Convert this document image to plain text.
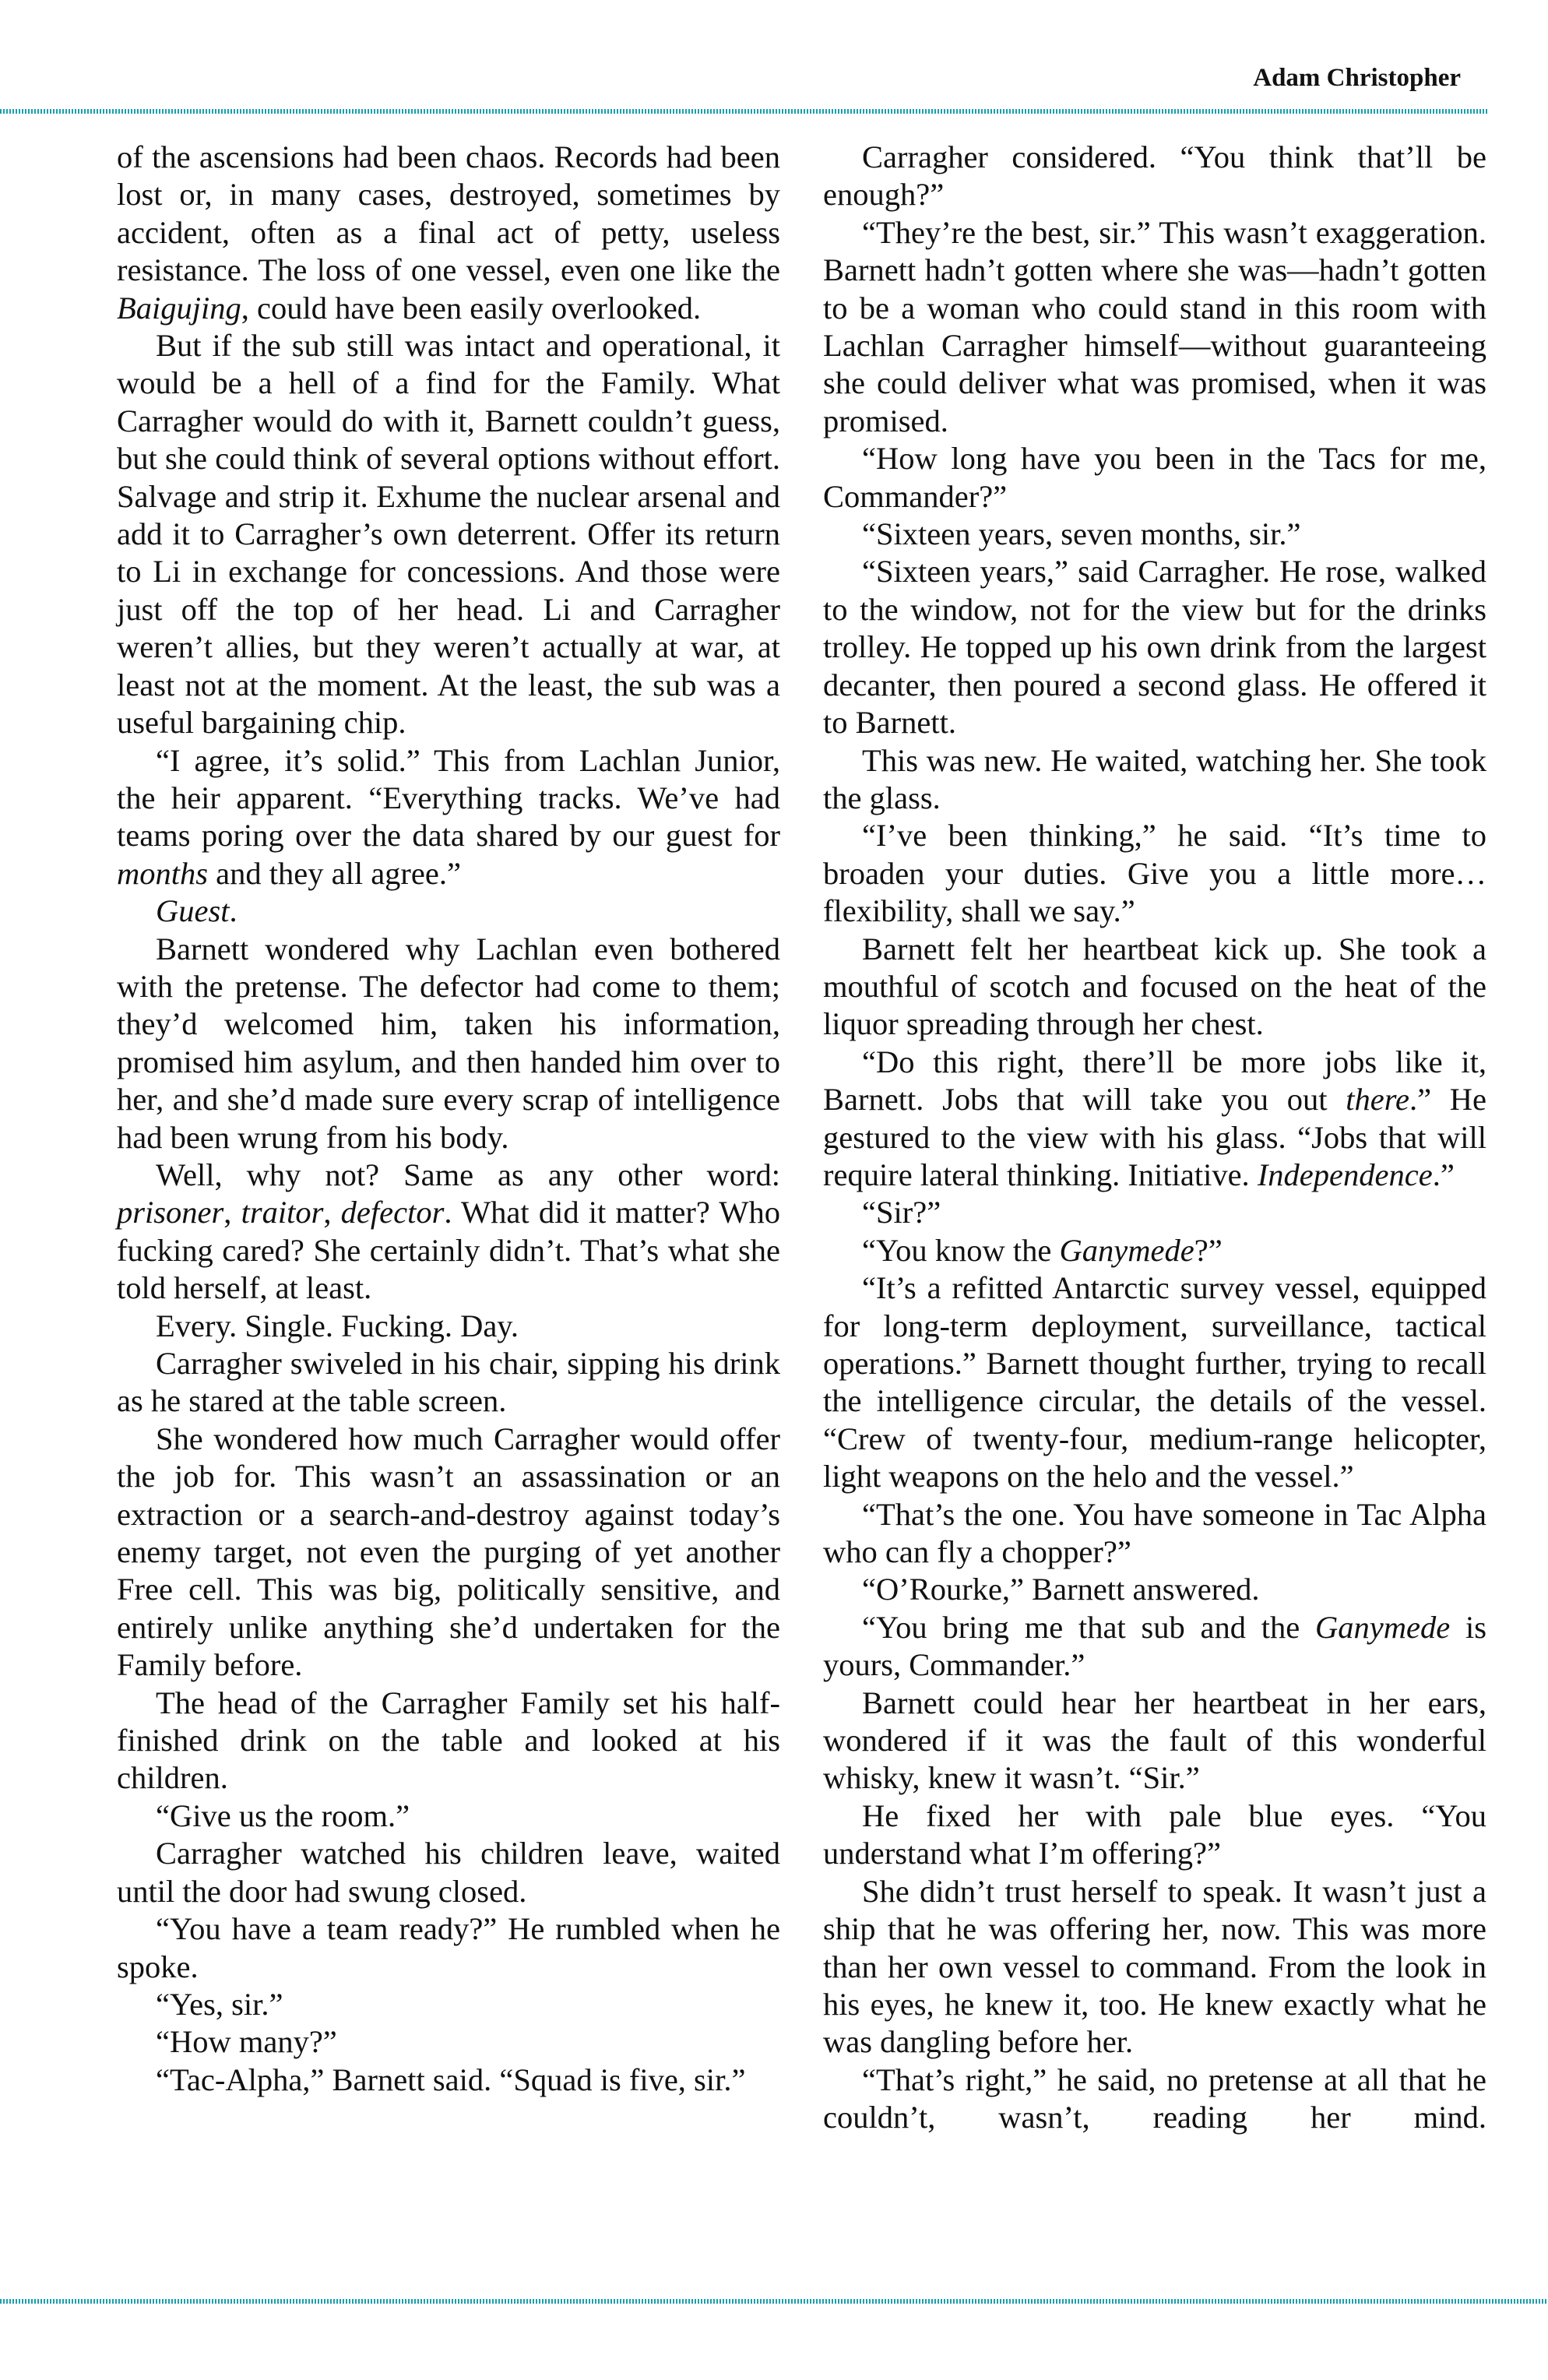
Adam Christopher

of the ascensions had been chaos. Records had been lost or, in many cases, destroyed, sometimes by accident, often as a final act of petty, useless resistance. The loss of one vessel, even one like the Baigujing, could have been easily overlooked.

But if the sub still was intact and operational, it would be a hell of a find for the Family. What Carragher would do with it, Barnett couldn’t guess, but she could think of several options without effort. Salvage and strip it. Exhume the nuclear arsenal and add it to Carragher’s own deterrent. Offer its return to Li in exchange for concessions. And those were just off the top of her head. Li and Carragher weren’t allies, but they weren’t actually at war, at least not at the moment. At the least, the sub was a useful bargaining chip.

“I agree, it’s solid.” This from Lachlan Junior, the heir apparent. “Everything tracks. We’ve had teams poring over the data shared by our guest for months and they all agree.”

Guest.

Barnett wondered why Lachlan even bothered with the pretense. The defector had come to them; they’d welcomed him, taken his information, promised him asylum, and then handed him over to her, and she’d made sure every scrap of intelligence had been wrung from his body.

Well, why not? Same as any other word: prisoner, traitor, defector. What did it matter? Who fucking cared? She certainly didn’t. That’s what she told herself, at least.

Every. Single. Fucking. Day.

Carragher swiveled in his chair, sipping his drink as he stared at the table screen.

She wondered how much Carragher would offer the job for. This wasn’t an assassination or an extraction or a search-and-destroy against today’s enemy target, not even the purging of yet another Free cell. This was big, politically sensitive, and entirely unlike anything she’d undertaken for the Family before.

The head of the Carragher Family set his half-finished drink on the table and looked at his children.

“Give us the room.”

Carragher watched his children leave, waited until the door had swung closed.

“You have a team ready?” He rumbled when he spoke.

“Yes, sir.”

“How many?”

“Tac-Alpha,” Barnett said. “Squad is five, sir.”

Carragher considered. “You think that’ll be enough?”

“They’re the best, sir.” This wasn’t exaggeration. Barnett hadn’t gotten where she was—hadn’t gotten to be a woman who could stand in this room with Lachlan Carragher himself—without guaranteeing she could deliver what was promised, when it was promised.

“How long have you been in the Tacs for me, Commander?”

“Sixteen years, seven months, sir.”

“Sixteen years,” said Carragher. He rose, walked to the window, not for the view but for the drinks trolley. He topped up his own drink from the largest decanter, then poured a second glass. He offered it to Barnett.

This was new. He waited, watching her. She took the glass.

“I’ve been thinking,” he said. “It’s time to broaden your duties. Give you a little more… flexibility, shall we say.”

Barnett felt her heartbeat kick up. She took a mouthful of scotch and focused on the heat of the liquor spreading through her chest.

“Do this right, there’ll be more jobs like it, Barnett. Jobs that will take you out there.” He gestured to the view with his glass. “Jobs that will require lateral thinking. Initiative. Independence.”

“Sir?”

“You know the Ganymede?”

“It’s a refitted Antarctic survey vessel, equipped for long-term deployment, surveillance, tactical operations.” Barnett thought further, trying to recall the intelligence circular, the details of the vessel. “Crew of twenty-four, medium-range helicopter, light weapons on the helo and the vessel.”

“That’s the one. You have someone in Tac Alpha who can fly a chopper?”

“O’Rourke,” Barnett answered.

“You bring me that sub and the Ganymede is yours, Commander.”

Barnett could hear her heartbeat in her ears, wondered if it was the fault of this wonderful whisky, knew it wasn’t. “Sir.”

He fixed her with pale blue eyes. “You understand what I’m offering?”

She didn’t trust herself to speak. It wasn’t just a ship that he was offering her, now. This was more than her own vessel to command. From the look in his eyes, he knew it, too. He knew exactly what he was dangling before her.

“That’s right,” he said, no pretense at all that he couldn’t, wasn’t, reading her mind.
